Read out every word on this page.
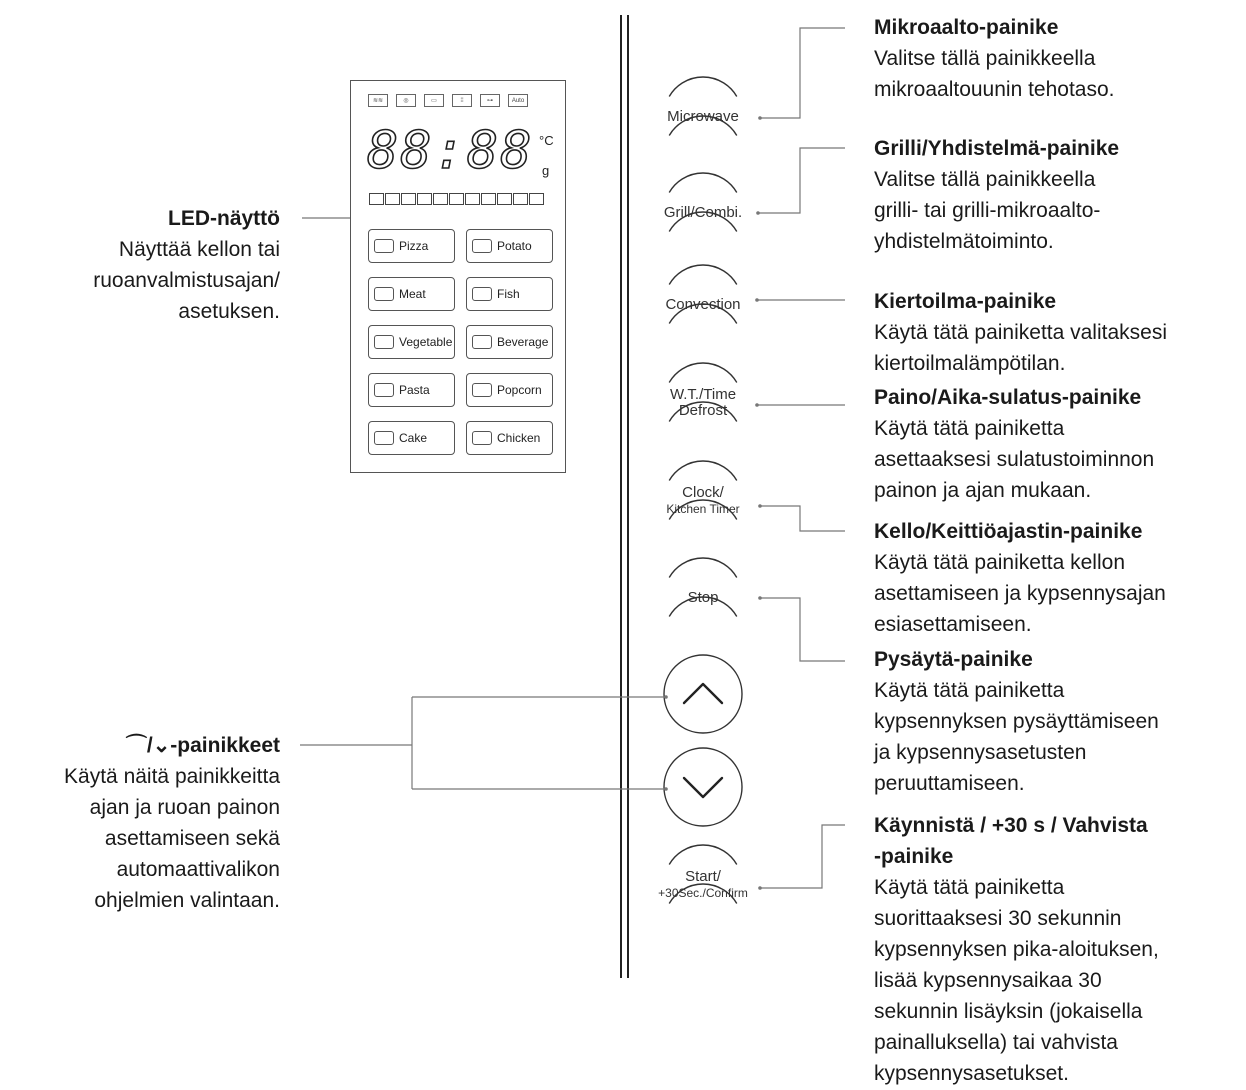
Microwave
Grill/Combi.
Convection
W.T./Time
Defrost
Clock/
Kitchen Timer
Stop
Start/
+30Sec./Confirm
≋≋	◎	▭	⁞⁞	⊶	Auto
88:88 °C
g
Pizza	Potato
Meat	Fish
Vegetable	Beverage
Pasta	Popcorn
Cake	Chicken
LED-näyttö
Näyttää kellon tai
ruoanvalmistusajan/
asetuksen.
⌒/⌄-painikkeet
Käytä näitä painikkeitta
ajan ja ruoan painon
asettamiseen sekä
automaattivalikon
ohjelmien valintaan.
Mikroaalto-painike
Valitse tällä painikkeella
mikroaaltouunin tehotaso.
Grilli/Yhdistelmä-painike
Valitse tällä painikkeella
grilli- tai grilli-mikroaalto-
yhdistelmätoiminto.
Kiertoilma-painike
Käytä tätä painiketta valitaksesi
kiertoilmalämpötilan.
Paino/Aika-sulatus-painike
Käytä tätä painiketta
asettaaksesi sulatustoiminnon
painon ja ajan mukaan.
Kello/Keittiöajastin-painike
Käytä tätä painiketta kellon
asettamiseen ja kypsennysajan
esiasettamiseen.
Pysäytä-painike
Käytä tätä painiketta
kypsennyksen pysäyttämiseen
ja kypsennysasetusten
peruuttamiseen.
Käynnistä / +30 s / Vahvista
-painike
Käytä tätä painiketta
suorittaaksesi 30 sekunnin
kypsennyksen pika-aloituksen,
lisää kypsennysaikaa 30
sekunnin lisäyksin (jokaisella
painalluksella) tai vahvista
kypsennysasetukset.
